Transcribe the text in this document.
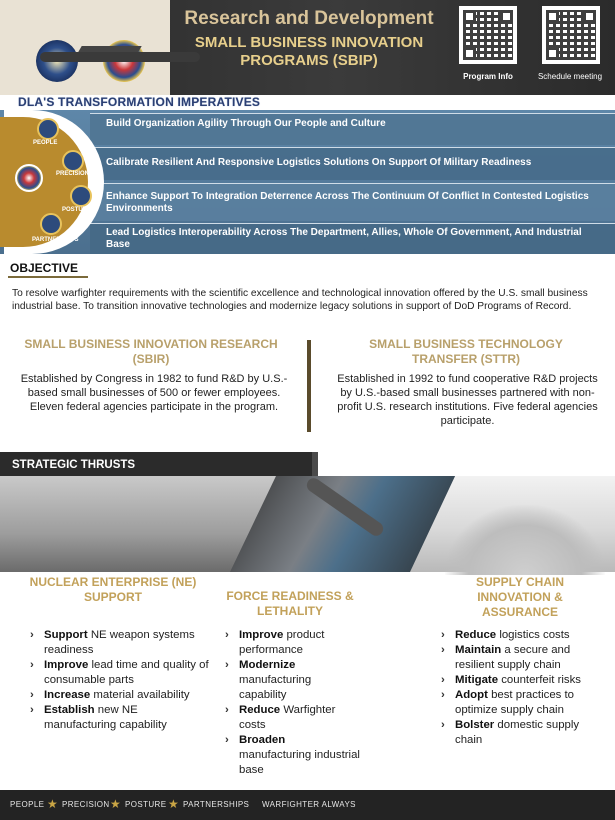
Research and Development
SMALL BUSINESS INNOVATION
PROGRAMS (SBIP)
Program Info	Schedule meeting
DLA'S TRANSFORMATION IMPERATIVES
Build Organization Agility Through Our People and Culture
Calibrate Resilient And Responsive Logistics Solutions On Support Of Military Readiness
Enhance Support To Integration Deterrence Across The Continuum Of Conflict In Contested Logistics Environments
Lead Logistics Interoperability Across The Department, Allies, Whole Of Government, And Industrial Base
PEOPLE
PRECISION
POSTURE
PARTNERSHIPS
OBJECTIVE
To resolve warfighter requirements with the scientific excellence and technological innovation offered by the U.S. small business industrial base. To transition innovative technologies and modernize legacy solutions in support of DoD Programs of Record.
SMALL BUSINESS INNOVATION RESEARCH (SBIR)
Established by Congress in 1982 to fund R&D by U.S.-based small businesses of 500 or fewer employees. Eleven federal agencies participate in the program.
SMALL BUSINESS TECHNOLOGY TRANSFER (STTR)
Established in 1992 to fund cooperative R&D projects by U.S.-based small businesses partnered with non-profit U.S. research institutions. Five federal agencies participate.
STRATEGIC THRUSTS
NUCLEAR ENTERPRISE (NE) SUPPORT
› Support NE weapon systems readiness
› Improve lead time and quality of consumable parts
› Increase material availability
› Establish new NE manufacturing capability
FORCE READINESS & LETHALITY
› Improve product performance
› Modernize manufacturing capability
› Reduce Warfighter costs
› Broaden manufacturing industrial base
SUPPLY CHAIN INNOVATION & ASSURANCE
› Reduce logistics costs
› Maintain a secure and resilient supply chain
› Mitigate counterfeit risks
› Adopt best practices to optimize supply chain
› Bolster domestic supply chain
PEOPLE ★ PRECISION ★ POSTURE ★ PARTNERSHIPS WARFIGHTER ALWAYS
